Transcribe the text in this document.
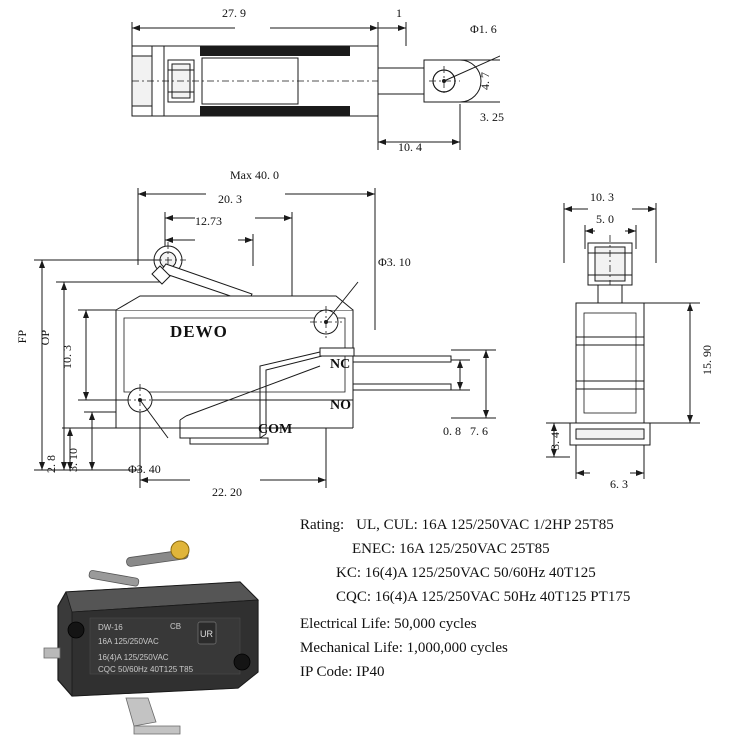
27. 9	1
Φ1. 6
4. 7
3. 25
10. 4
Max 40. 0
20. 3
12.73
Φ3. 10
FP OP
10. 3
2. 8 3. 10	Φ3. 40
22. 20
0. 8 7. 6
DEWO
NC
NO
COM
10. 3
5. 0
15. 90
3. 4
6. 3
DW-16	CB
16A 125/250VAC
16(4)A 125/250VAC
CQC 50/60Hz 40T125 T85
UR
Rating: UL, CUL: 16A 125/250VAC 1/2HP 25T85
ENEC: 16A 125/250VAC 25T85
KC: 16(4)A 125/250VAC 50/60Hz 40T125
CQC: 16(4)A 125/250VAC 50Hz 40T125 PT175
Electrical Life: 50,000 cycles
Mechanical Life: 1,000,000 cycles
IP Code: IP40
